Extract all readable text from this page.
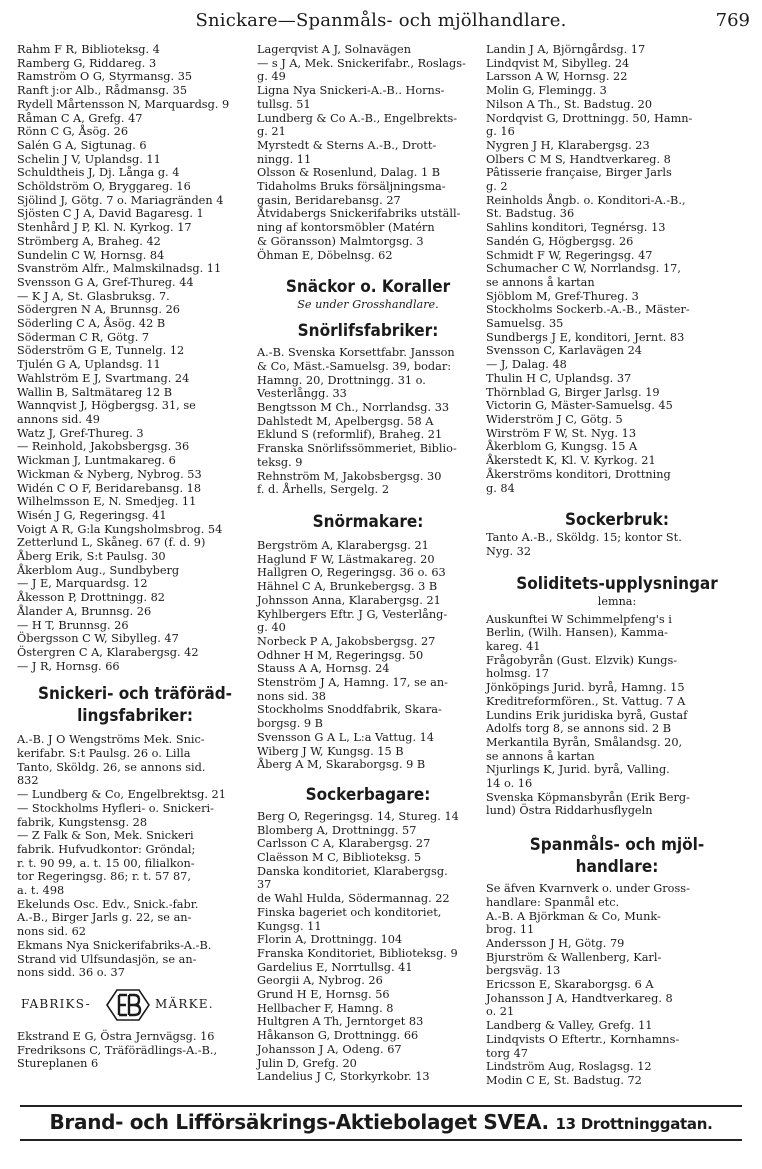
Snickare—Spanmåls- och mjölhandlare.	769
Rahm F R, Biblioteksg. 4
Ramberg G, Riddareg. 3
Ramström O G, Styrmansg. 35
Ranft j:or Alb., Rådmansg. 35
Rydell Mårtensson N, Marquardsg. 9
Råman C A, Grefg. 47
Rönn C G, Åsög. 26
Salén G A, Sigtunag. 6
Schelin J V, Uplandsg. 11
Schuldtheis J, Dj. Långa g. 4
Schöldström O, Bryggareg. 16
Sjölind J, Götg. 7 o. Mariagränden 4
Sjösten C J A, David Bagaresg. 1
Stenhård J P, Kl. N. Kyrkog. 17
Strömberg A, Braheg. 42
Sundelin C W, Hornsg. 84
Svanström Alfr., Malmskilnadsg. 11
Svensson G A, Gref-Thureg. 44
— K J A, St. Glasbruksg. 7.
Södergren N A, Brunnsg. 26
Söderling C A, Åsög. 42 B
Söderman C R, Götg. 7
Söderström G E, Tunnelg. 12
Tjulén G A, Uplandsg. 11
Wahlström E J, Svartmang. 24
Wallin B, Saltmätareg 12 B
Wannqvist J, Högbergsg. 31, se
annons sid. 49
Watz J, Gref-Thureg. 3
— Reinhold, Jakobsbergsg. 36
Wickman J, Luntmakareg. 6
Wickman & Nyberg, Nybrog. 53
Widén C O F, Beridarebansg. 18
Wilhelmsson E, N. Smedjeg. 11
Wisén J G, Regeringsg. 41
Voigt A R, G:la Kungsholmsbrog. 54
Zetterlund L, Skåneg. 67 (f. d. 9)
Åberg Erik, S:t Paulsg. 30
Åkerblom Aug., Sundbyberg
— J E, Marquardsg. 12
Åkesson P, Drottningg. 82
Ålander A, Brunnsg. 26
— H T, Brunnsg. 26
Öbergsson C W, Sibylleg. 47
Östergren C A, Klarabergsg. 42
— J R, Hornsg. 66
Snickeri- och träföräd-
lingsfabriker:
A.-B. J O Wengströms Mek. Snic-
kerifabr. S:t Paulsg. 26 o. Lilla
Tanto, Sköldg. 26, se annons sid.
832
— Lundberg & Co, Engelbrektsg. 21
— Stockholms Hyfleri- o. Snickeri-
fabrik, Kungstensg. 28
— Z Falk & Son, Mek. Snickeri
fabrik. Hufvudkontor: Gröndal;
r. t. 90 99, a. t. 15 00, filialkon-
tor Regeringsg. 86; r. t. 57 87,
a. t. 498
Ekelunds Osc. Edv., Snick.-fabr.
A.-B., Birger Jarls g. 22, se an-
nons sid. 62
Ekmans Nya Snickerifabriks-A.-B.
Strand vid Ulfsundasjön, se an-
nons sidd. 36 o. 37
FABRIKS-	MÄRKE.
Ekstrand E G, Östra Jernvägsg. 16
Fredriksons C, Träförädlings-A.-B.,
Stureplanen 6
Lagerqvist A J, Solnavägen
— s J A, Mek. Snickerifabr., Roslags-
g. 49
Ligna Nya Snickeri-A.-B.. Horns-
tullsg. 51
Lundberg & Co A.-B., Engelbrekts-
g. 21
Myrstedt & Sterns A.-B., Drott-
ningg. 11
Olsson & Rosenlund, Dalag. 1 B
Tidaholms Bruks försäljningsma-
gasin, Beridarebansg. 27
Åtvidabergs Snickerifabriks utställ-
ning af kontorsmöbler (Matérn
& Göransson) Malmtorgsg. 3
Öhman E, Döbelnsg. 62
Snäckor o. Koraller
Se under Grosshandlare.
Snörlifsfabriker:
A.-B. Svenska Korsettfabr. Jansson
& Co, Mäst.-Samuelsg. 39, bodar:
Hamng. 20, Drottningg. 31 o.
Vesterlångg. 33
Bengtsson M Ch., Norrlandsg. 33
Dahlstedt M, Apelbergsg. 58 A
Eklund S (reformlif), Braheg. 21
Franska Snörlifssömmeriet, Biblio-
teksg. 9
Rehnström M, Jakobsbergsg. 30
f. d. Århells, Sergelg. 2
Snörmakare:
Bergström A, Klarabergsg. 21
Haglund F W, Lästmakareg. 20
Hallgren O, Regeringsg. 36 o. 63
Hähnel C A, Brunkebergsg. 3 B
Johnsson Anna, Klarabergsg. 21
Kyhlbergers Eftr. J G, Vesterlång-
g. 40
Norbeck P A, Jakobsbergsg. 27
Odhner H M, Regeringsg. 50
Stauss A A, Hornsg. 24
Stenström J A, Hamng. 17, se an-
nons sid. 38
Stockholms Snoddfabrik, Skara-
borgsg. 9 B
Svensson G A L, L:a Vattug. 14
Wiberg J W, Kungsg. 15 B
Åberg A M, Skaraborgsg. 9 B
Sockerbagare:
Berg O, Regeringsg. 14, Stureg. 14
Blomberg A, Drottningg. 57
Carlsson C A, Klarabergsg. 27
Claësson M C, Biblioteksg. 5
Danska konditoriet, Klarabergsg.
37
de Wahl Hulda, Södermannag. 22
Finska bageriet och konditoriet,
Kungsg. 11
Florin A, Drottningg. 104
Franska Konditoriet, Biblioteksg. 9
Gardelius E, Norrtullsg. 41
Georgii A, Nybrog. 26
Grund H E, Hornsg. 56
Hellbacher F, Hamng. 8
Hultgren A Th, Jerntorget 83
Håkanson G, Drottningg. 66
Johansson J A, Odeng. 67
Julin D, Grefg. 20
Landelius J C, Storkyrkobr. 13
Landin J A, Björngårdsg. 17
Lindqvist M, Sibylleg. 24
Larsson A W, Hornsg. 22
Molin G, Flemingg. 3
Nilson A Th., St. Badstug. 20
Nordqvist G, Drottningg. 50, Hamn-
g. 16
Nygren J H, Klarabergsg. 23
Olbers C M S, Handtverkareg. 8
Pâtisserie française, Birger Jarls
g. 2
Reinholds Ångb. o. Konditori-A.-B.,
St. Badstug. 36
Sahlins konditori, Tegnérsg. 13
Sandén G, Högbergsg. 26
Schmidt F W, Regeringsg. 47
Schumacher C W, Norrlandsg. 17,
se annons å kartan
Sjöblom M, Gref-Thureg. 3
Stockholms Sockerb.-A.-B., Mäster-
Samuelsg. 35
Sundbergs J E, konditori, Jernt. 83
Svensson C, Karlavägen 24
— J, Dalag. 48
Thulin H C, Uplandsg. 37
Thörnblad G, Birger Jarlsg. 19
Victorin G, Mäster-Samuelsg. 45
Widerström J C, Götg. 5
Wirström F W, St. Nyg. 13
Åkerblom G, Kungsg. 15 A
Åkerstedt K, Kl. V. Kyrkog. 21
Åkerströms konditori, Drottning
g. 84
Sockerbruk:
Tanto A.-B., Sköldg. 15; kontor St.
Nyg. 32
Soliditets-upplysningar
lemna:
Auskunftei W Schimmelpfeng's i
Berlin, (Wilh. Hansen), Kamma-
kareg. 41
Frågobyrån (Gust. Elzvik) Kungs-
holmsg. 17
Jönköpings Jurid. byrå, Hamng. 15
Kreditreformfören., St. Vattug. 7 A
Lundins Erik juridiska byrå, Gustaf
Adolfs torg 8, se annons sid. 2 B
Merkantila Byrån, Smålandsg. 20,
se annons å kartan
Njurlings K, Jurid. byrå, Valling.
14 o. 16
Svenska Köpmansbyrån (Erik Berg-
lund) Östra Riddarhusflygeln
Spanmåls- och mjöl-
handlare:
Se äfven Kvarnverk o. under Gross-
handlare: Spanmål etc.
A.-B. A Björkman & Co, Munk-
brog. 11
Andersson J H, Götg. 79
Bjurström & Wallenberg, Karl-
bergsväg. 13
Ericsson E, Skaraborgsg. 6 A
Johansson J A, Handtverkareg. 8
o. 21
Landberg & Valley, Grefg. 11
Lindqvists O Eftertr., Kornhamns-
torg 47
Lindström Aug, Roslagsg. 12
Modin C E, St. Badstug. 72
Brand- och Lifförsäkrings-Aktiebolaget SVEA. 13 Drottninggatan.
